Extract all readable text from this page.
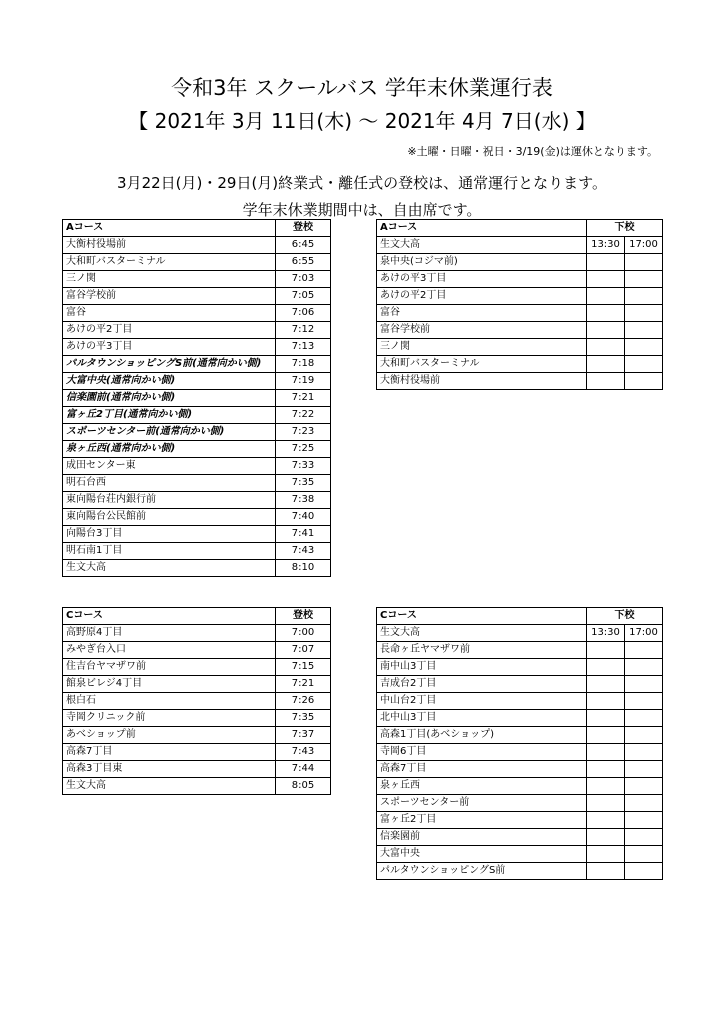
令和3年 スクールバス 学年末休業運行表
【 2021年 3月 11日(木) ～ 2021年 4月 7日(水) 】
※土曜・日曜・祝日・3/19(金)は運休となります。
3月22日(月)・29日(月)終業式・離任式の登校は、通常運行となります。
学年末休業期間中は、自由席です。
Aコース	登校
大衡村役場前	6:45
大和町バスターミナル	6:55
三ノ関	7:03
富谷学校前	7:05
富谷	7:06
あけの平2丁目	7:12
あけの平3丁目	7:13
パルタウンショッピングS前(通常向かい側)	7:18
大富中央(通常向かい側)	7:19
信楽園前(通常向かい側)	7:21
富ヶ丘2丁目(通常向かい側)	7:22
スポーツセンター前(通常向かい側)	7:23
泉ヶ丘西(通常向かい側)	7:25
成田センター東	7:33
明石台西	7:35
東向陽台荘内銀行前	7:38
東向陽台公民館前	7:40
向陽台3丁目	7:41
明石南1丁目	7:43
生文大高	8:10
Aコース	下校	
生文大高	13:30	17:00
泉中央(コジマ前)		
あけの平3丁目		
あけの平2丁目		
富谷		
富谷学校前		
三ノ関		
大和町バスターミナル		
大衡村役場前		
Cコース	登校
高野原4丁目	7:00
みやぎ台入口	7:07
住吉台ヤマザワ前	7:15
館泉ビレジ4丁目	7:21
根白石	7:26
寺岡クリニック前	7:35
あべショップ前	7:37
高森7丁目	7:43
高森3丁目東	7:44
生文大高	8:05
Cコース	下校	
生文大高	13:30	17:00
長命ヶ丘ヤマザワ前		
南中山3丁目		
吉成台2丁目		
中山台2丁目		
北中山3丁目		
高森1丁目(あべショップ)		
寺岡6丁目		
高森7丁目		
泉ヶ丘西		
スポーツセンター前		
富ヶ丘2丁目		
信楽園前		
大富中央		
パルタウンショッピングS前		
